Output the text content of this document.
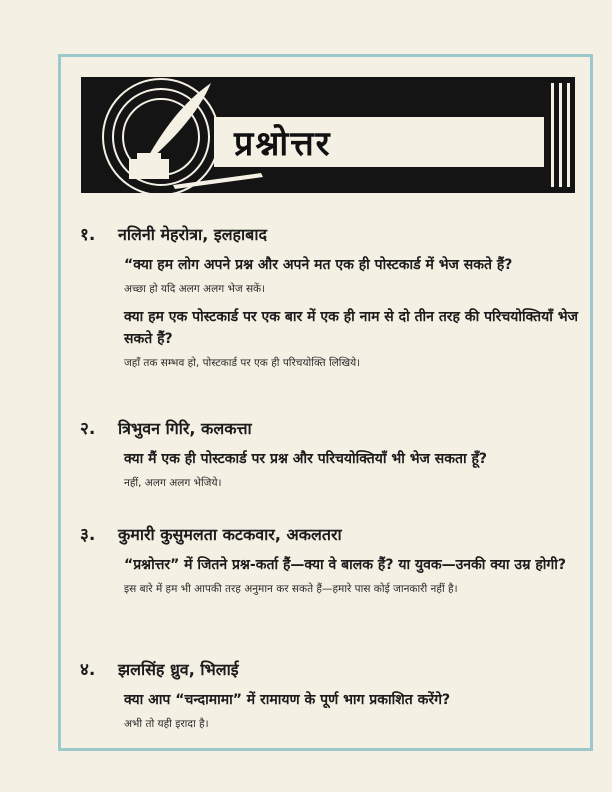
प्रश्नोत्तर
१.	नलिनी मेहरोत्रा, इलहाबाद
“क्या हम लोग अपने प्रश्न और अपने मत एक ही पोस्टकार्ड में भेज सकते हैं?
अच्छा हो यदि अलग अलग भेज सकें।
क्या हम एक पोस्टकार्ड पर एक बार में एक ही नाम से दो तीन तरह की परिचयोक्तियाँ भेज सकते हैं?
जहाँ तक सम्भव हो, पोस्टकार्ड पर एक ही परिचयोक्ति लिखिये।
२.	त्रिभुवन गिरि, कलकत्ता
क्या मैं एक ही पोस्टकार्ड पर प्रश्न और परिचयोक्तियाँ भी भेज सकता हूँ?
नहीं, अलग अलग भेजिये।
३.	कुमारी कुसुमलता कटकवार, अकलतरा
“प्रश्नोत्तर” में जितने प्रश्न-कर्ता हैं—क्या वे बालक हैं? या युवक—उनकी क्या उम्र होगी?
इस बारे में हम भी आपकी तरह अनुमान कर सकते हैं—हमारे पास कोई जानकारी नहीं है।
४.	झलसिंह ध्रुव, भिलाई
क्या आप “चन्दामामा” में रामायण के पूर्ण भाग प्रकाशित करेंगे?
अभी तो यही इरादा है।
